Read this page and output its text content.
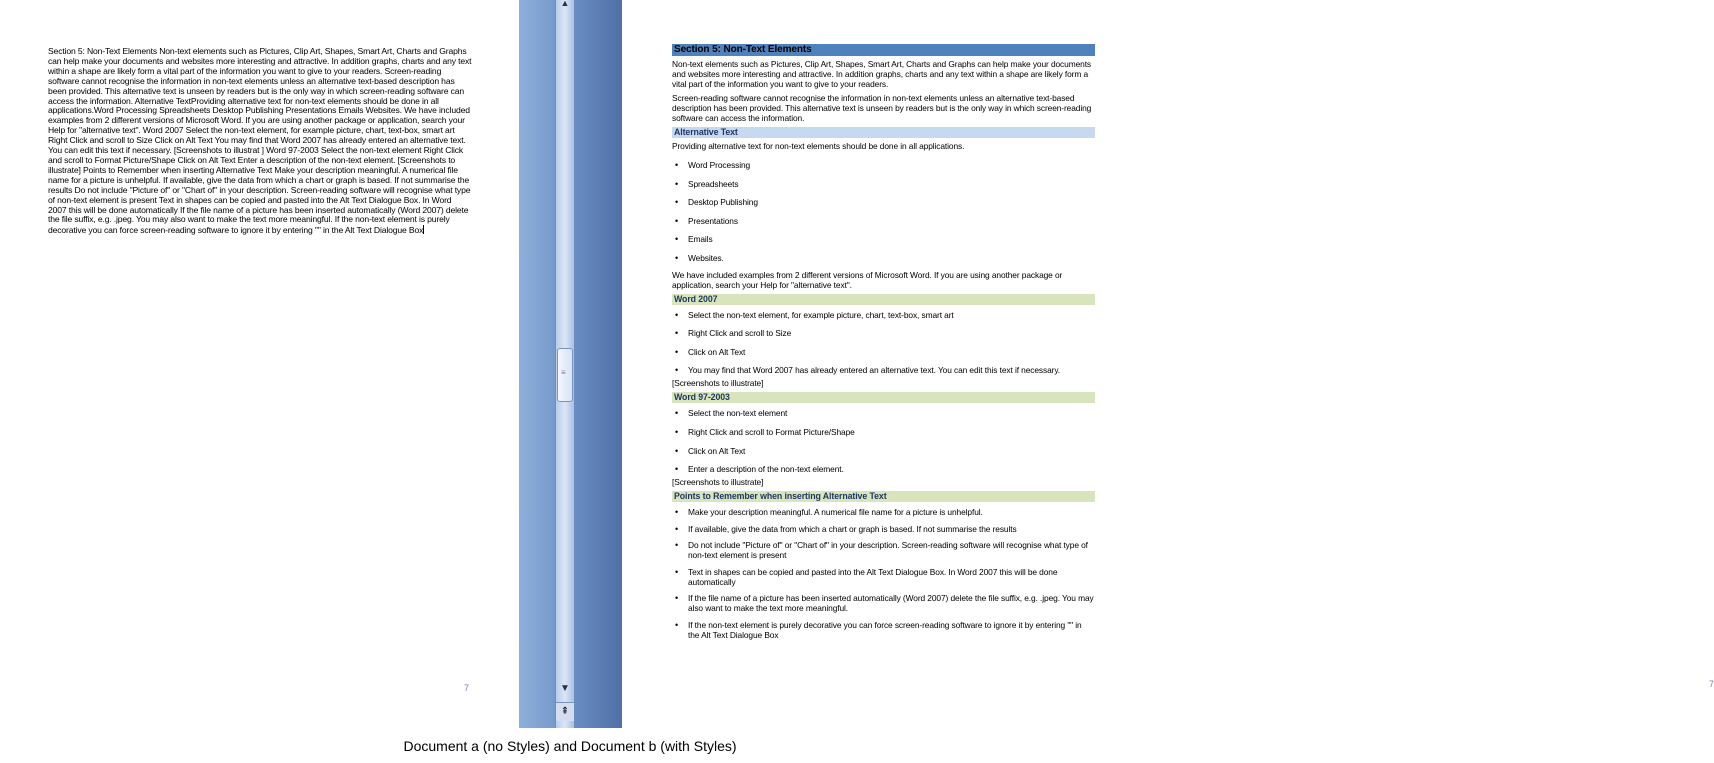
Section 5: Non-Text Elements Non-text elements such as Pictures, Clip Art, Shapes, Smart Art, Charts and Graphs can help make your documents and websites more interesting and attractive. In addition graphs, charts and any text within a shape are likely form a vital part of the information you want to give to your readers. Screen-reading software cannot recognise the information in non-text elements unless an alternative text-based description has been provided. This alternative text is unseen by readers but is the only way in which screen-reading software can access the information. Alternative TextProviding alternative text for non-text elements should be done in all applications.Word Processing Spreadsheets Desktop Publishing Presentations Emails Websites. We have included examples from 2 different versions of Microsoft Word. If you are using another package or application, search your Help for "alternative text". Word 2007 Select the non-text element, for example picture, chart, text-box, smart art Right Click and scroll to Size Click on Alt Text You may find that Word 2007 has already entered an alternative text. You can edit this text if necessary. [Screenshots to illustrat ] Word 97-2003 Select the non-text element Right Click and scroll to Format Picture/Shape Click on Alt Text Enter a description of the non-text element. [Screenshots to illustrate] Points to Remember when inserting Alternative Text Make your description meaningful. A numerical file name for a picture is unhelpful. If available, give the data from which a chart or graph is based. If not summarise the results Do not include "Picture of" or "Chart of" in your description. Screen-reading software will recognise what type of non-text element is present Text in shapes can be copied and pasted into the Alt Text Dialogue Box. In Word 2007 this will be done automatically If the file name of a picture has been inserted automatically (Word 2007) delete the file suffix, e.g. .jpeg. You may also want to make the text more meaningful. If the non-text element is purely decorative you can force screen-reading software to ignore it by entering "" in the Alt Text Dialogue Box

7
▲
≡
▼
⇞
Section 5: Non-Text Elements

Non-text elements such as Pictures, Clip Art, Shapes, Smart Art, Charts and Graphs can help make your documents and websites more interesting and attractive. In addition graphs, charts and any text within a shape are likely form a vital part of the information you want to give to your readers.

Screen-reading software cannot recognise the information in non-text elements unless an alternative text-based description has been provided. This alternative text is unseen by readers but is the only way in which screen-reading software can access the information.

Alternative Text

Providing alternative text for non-text elements should be done in all applications.

• Word Processing
• Spreadsheets
• Desktop Publishing
• Presentations
• Emails
• Websites.

We have included examples from 2 different versions of Microsoft Word. If you are using another package or application, search your Help for "alternative text".

Word 2007
• Select the non-text element, for example picture, chart, text-box, smart art
• Right Click and scroll to Size
• Click on Alt Text
• You may find that Word 2007 has already entered an alternative text. You can edit this text if necessary.

[Screenshots to illustrate]

Word 97-2003
• Select the non-text element
• Right Click and scroll to Format Picture/Shape
• Click on Alt Text
• Enter a description of the non-text element.

[Screenshots to illustrate]

Points to Remember when inserting Alternative Text
• Make your description meaningful. A numerical file name for a picture is unhelpful.
• If available, give the data from which a chart or graph is based. If not summarise the results
• Do not include "Picture of" or "Chart of" in your description. Screen-reading software will recognise what type of non-text element is present
• Text in shapes can be copied and pasted into the Alt Text Dialogue Box. In Word 2007 this will be done automatically
• If the file name of a picture has been inserted automatically (Word 2007) delete the file suffix, e.g. .jpeg. You may also want to make the text more meaningful.
• If the non-text element is purely decorative you can force screen-reading software to ignore it by entering "" in the Alt Text Dialogue Box
7
Document a (no Styles) and Document b (with Styles)
